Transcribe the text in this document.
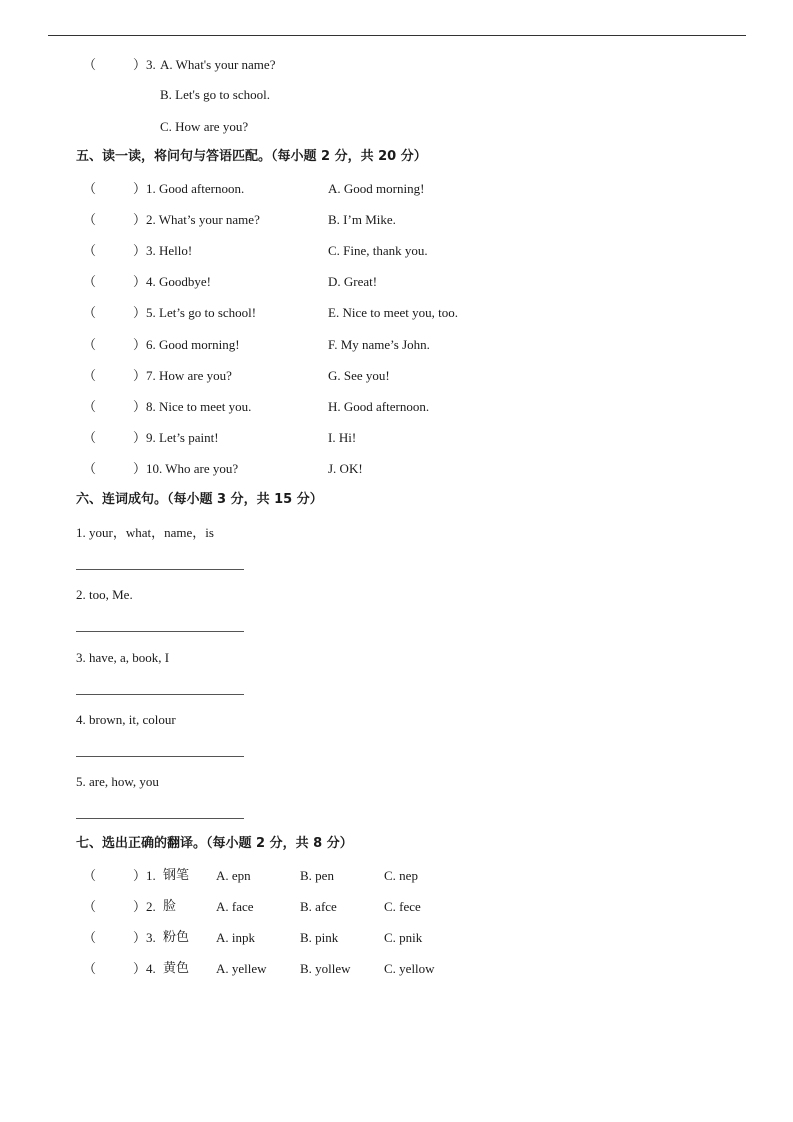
（	） 3. A. What's your name?
B. Let's go to school.
C. How are you?
五、读一读，将问句与答语匹配。（每小题 2 分，共 20 分）
（	） 1. Good afternoon.	A. Good morning!
（	） 2. What’s your name?	B. I’m Mike.
（	） 3. Hello!	C. Fine, thank you.
（	） 4. Goodbye!	D. Great!
（	） 5. Let’s go to school!	E. Nice to meet you, too.
（	） 6. Good morning!	F. My name’s John.
（	） 7. How are you?	G. See you!
（	） 8. Nice to meet you.	H. Good afternoon.
（	） 9. Let’s paint!	I. Hi!
（	） 10. Who are you?	J. OK!
六、连词成句。（每小题 3 分，共 15 分）
1. your，what，name，is
2. too, Me.
3. have, a, book, I
4. brown, it, colour
5. are, how, you
七、选出正确的翻译。（每小题 2 分，共 8 分）
（	） 1. 钢笔 A. epn	B. pen	C. nep
（	） 2. 脸	A. face	B. afce	C. fece
（	） 3. 粉色 A. inpk	B. pink	C. pnik
（	） 4. 黄色 A. yellew	B. yollew	C. yellow
